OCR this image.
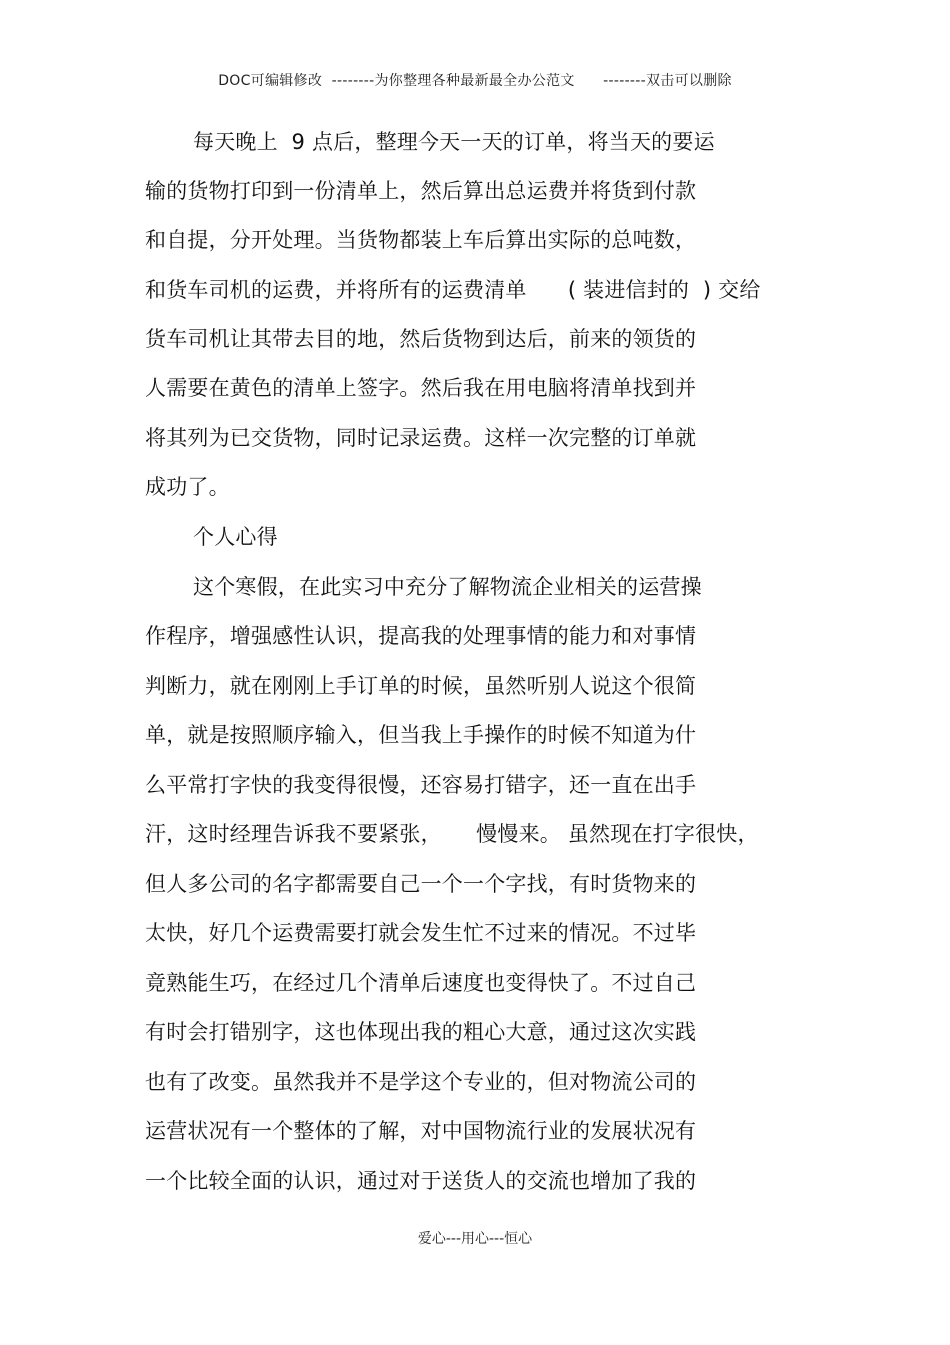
DOC可编辑修改  --------为你整理各种最新最全办公范文      --------双击可以删除
每天晚上  9 点后，整理今天一天的订单，将当天的要运
输的货物打印到一份清单上，然后算出总运费并将货到付款
和自提，分开处理。当货物都装上车后算出实际的总吨数，
和货车司机的运费，并将所有的运费清单      ( 装进信封的  ) 交给
货车司机让其带去目的地，然后货物到达后，前来的领货的
人需要在黄色的清单上签字。然后我在用电脑将清单找到并
将其列为已交货物，同时记录运费。这样一次完整的订单就
成功了。
个人心得
这个寒假，在此实习中充分了解物流企业相关的运营操
作程序，增强感性认识，提高我的处理事情的能力和对事情
判断力，就在刚刚上手订单的时候，虽然听别人说这个很简
单，就是按照顺序输入，但当我上手操作的时候不知道为什
么平常打字快的我变得很慢，还容易打错字，还一直在出手
汗，这时经理告诉我不要紧张，     慢慢来。 虽然现在打字很快，
但人多公司的名字都需要自己一个一个字找，有时货物来的
太快，好几个运费需要打就会发生忙不过来的情况。不过毕
竟熟能生巧，在经过几个清单后速度也变得快了。不过自己
有时会打错别字，这也体现出我的粗心大意，通过这次实践
也有了改变。虽然我并不是学这个专业的，但对物流公司的
运营状况有一个整体的了解，对中国物流行业的发展状况有
一个比较全面的认识，通过对于送货人的交流也增加了我的
爱心---用心---恒心
